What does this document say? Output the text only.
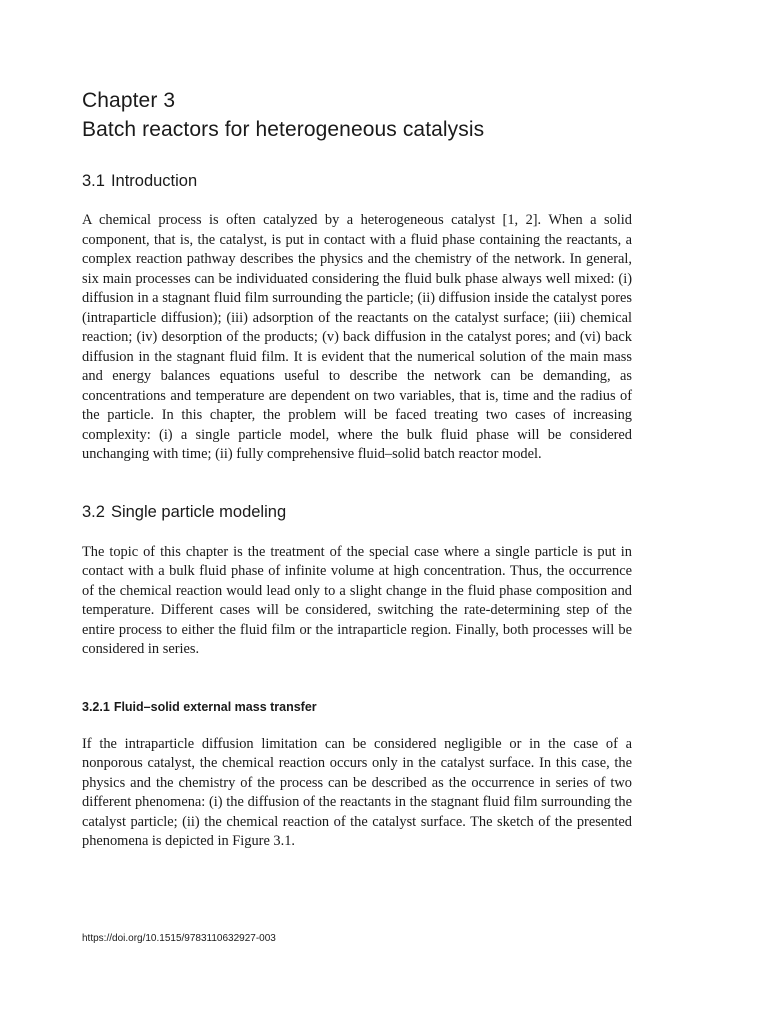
Chapter 3
Batch reactors for heterogeneous catalysis
3.1 Introduction

A chemical process is often catalyzed by a heterogeneous catalyst [1, 2]. When a solid component, that is, the catalyst, is put in contact with a fluid phase containing the reactants, a complex reaction pathway describes the physics and the chemistry of the network. In general, six main processes can be individuated considering the fluid bulk phase always well mixed: (i) diffusion in a stagnant fluid film surrounding the particle; (ii) diffusion inside the catalyst pores (intraparticle diffusion); (iii) adsorption of the reactants on the catalyst surface; (iii) chemical reaction; (iv) desorption of the products; (v) back diffusion in the catalyst pores; and (vi) back diffusion in the stagnant fluid film. It is evident that the numerical solution of the main mass and energy balances equations useful to describe the network can be demanding, as concentrations and temperature are dependent on two variables, that is, time and the radius of the particle. In this chapter, the problem will be faced treating two cases of increasing complexity: (i) a single particle model, where the bulk fluid phase will be considered unchanging with time; (ii) fully comprehensive fluid–solid batch reactor model.

3.2 Single particle modeling

The topic of this chapter is the treatment of the special case where a single particle is put in contact with a bulk fluid phase of infinite volume at high concentration. Thus, the occurrence of the chemical reaction would lead only to a slight change in the fluid phase composition and temperature. Different cases will be considered, switching the rate-determining step of the entire process to either the fluid film or the intraparticle region. Finally, both processes will be considered in series.

3.2.1 Fluid–solid external mass transfer

If the intraparticle diffusion limitation can be considered negligible or in the case of a nonporous catalyst, the chemical reaction occurs only in the catalyst surface. In this case, the physics and the chemistry of the process can be described as the occurrence in series of two different phenomena: (i) the diffusion of the reactants in the stagnant fluid film surrounding the catalyst particle; (ii) the chemical reaction of the catalyst surface. The sketch of the presented phenomena is depicted in Figure 3.1.

https://doi.org/10.1515/9783110632927-003
